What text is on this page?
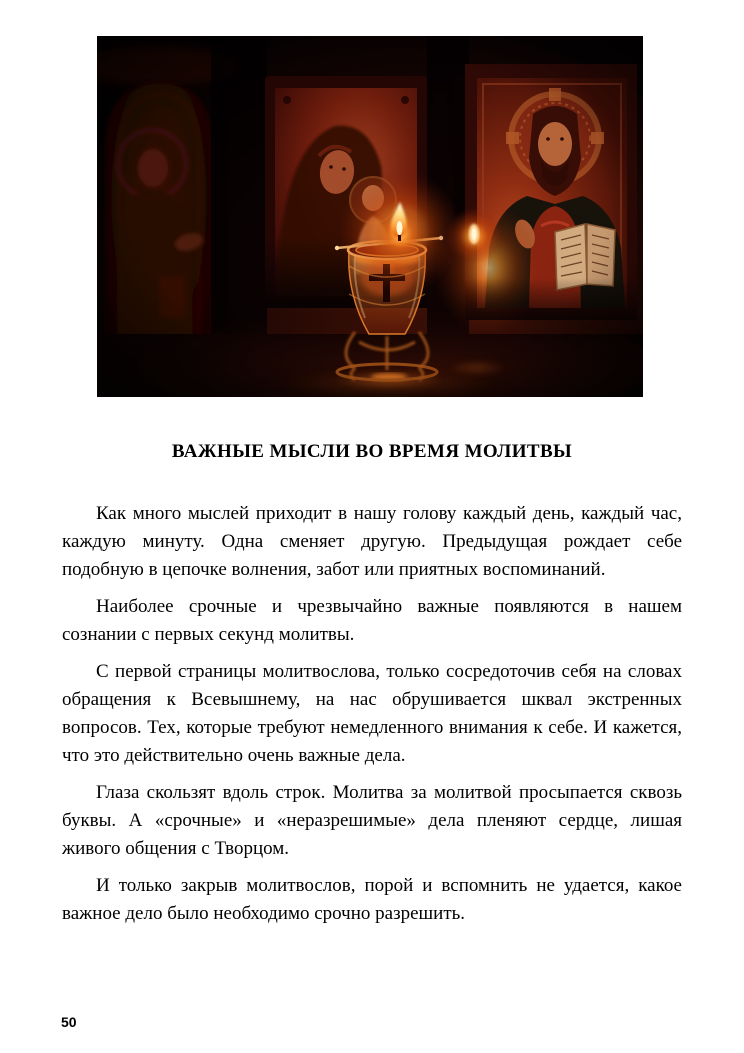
ВАЖНЫЕ МЫСЛИ ВО ВРЕМЯ МОЛИТВЫ

Как много мыслей приходит в нашу голову каждый день, каждый час, каждую минуту. Одна сменяет другую. Предыдущая рождает себе подобную в цепочке волнения, забот или приятных воспоминаний.

Наиболее срочные и чрезвычайно важные появляются в нашем сознании с первых секунд молитвы.

С первой страницы молитвослова, только сосредоточив себя на словах обращения к Всевышнему, на нас обрушивается шквал экстренных вопросов. Тех, которые требуют немедленного внимания к себе. И кажется, что это действительно очень важные дела.

Глаза скользят вдоль строк. Молитва за молитвой просыпается сквозь буквы. А «срочные» и «неразрешимые» дела пленяют сердце, лишая живого общения с Творцом.

И только закрыв молитвослов, порой и вспомнить не удается, какое важное дело было необходимо срочно разрешить.

50
